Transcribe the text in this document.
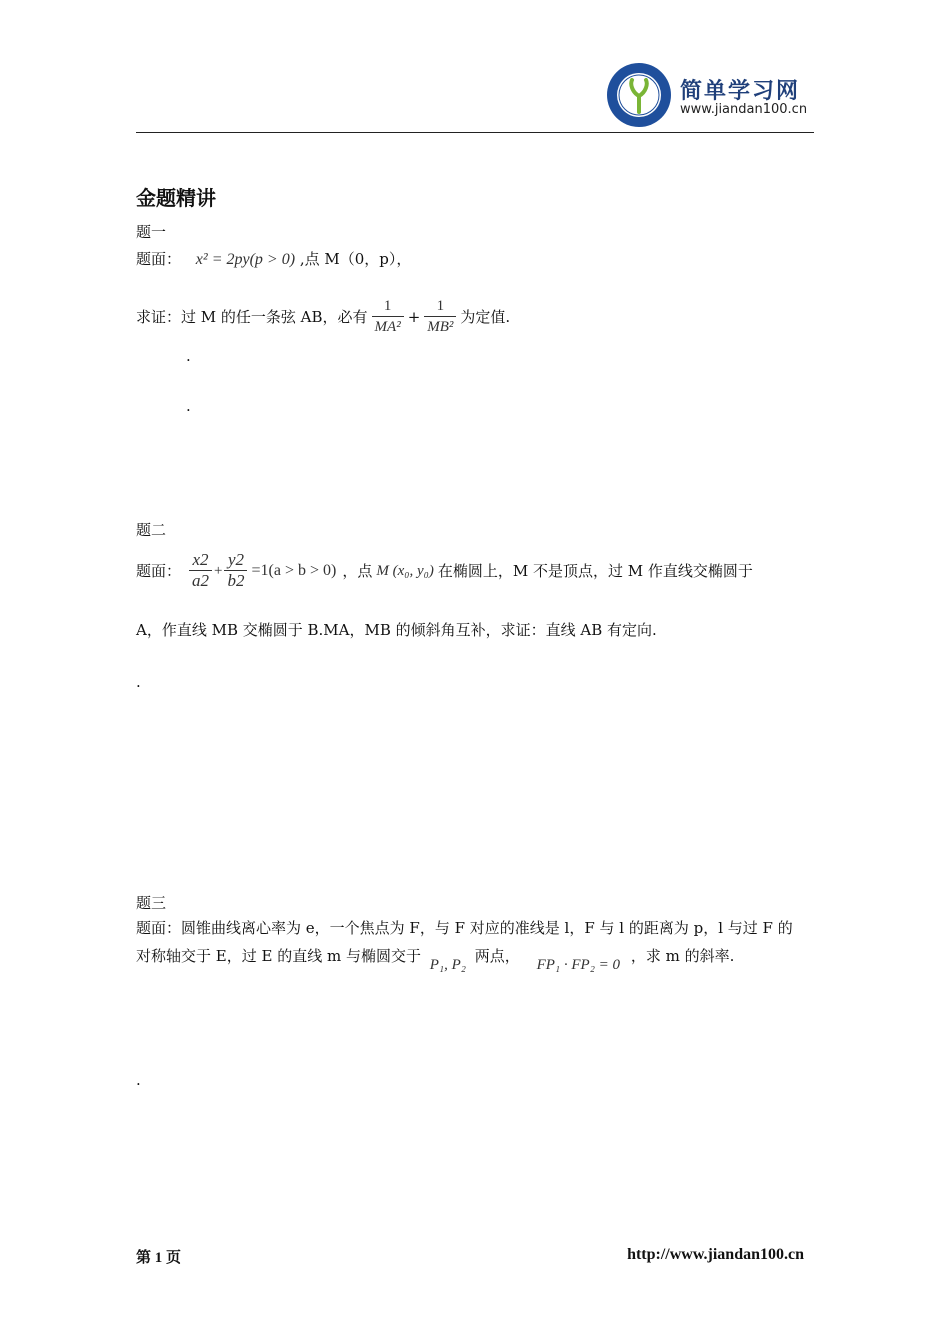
简单学习网
www.jiandan100.cn
金题精讲
题一
题面： x² = 2py(p > 0) ,点 M（0，p），
求证：过 M 的任一条弦 AB，必有 $\frac{1}{\text{MA²}} + \frac{1}{\text{MB²}}$ 为定值.
.
.
题二
题面： $\frac{x2}{a2} + \frac{y2}{b2} =1(a > b > 0)$ ，点 M (x₀, y₀) 在椭圆上，M 不是顶点，过 M 作直线交椭圆于
A，作直线 MB 交椭圆于 B.MA，MB 的倾斜角互补，求证：直线 AB 有定向.
.
题三
题面：圆锥曲线离心率为 e，一个焦点为 F，与 F 对应的准线是 l，F 与 l 的距离为 p，l 与过 F 的
对称轴交于 E，过 E 的直线 m 与椭圆交于 P₁, P₂ 两点， FP₁ · FP₂ = 0 ，求 m 的斜率.
.
第 1 页	http://www.jiandan100.cn
